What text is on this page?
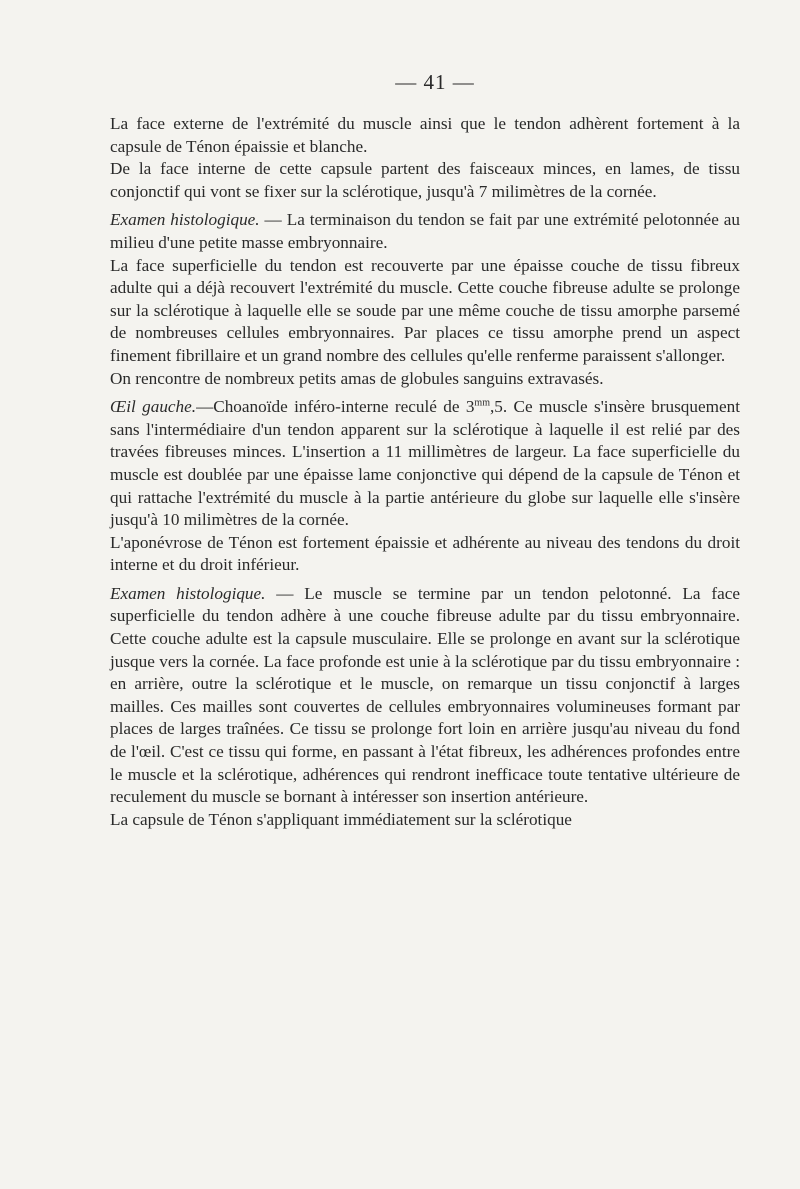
— 41 —

La face externe de l'extrémité du muscle ainsi que le tendon adhèrent fortement à la capsule de Ténon épaissie et blanche.

De la face interne de cette capsule partent des faisceaux minces, en lames, de tissu conjonctif qui vont se fixer sur la sclérotique, jusqu'à 7 milimètres de la cornée.

Examen histologique. — La terminaison du tendon se fait par une extrémité pelotonnée au milieu d'une petite masse embryonnaire.

La face superficielle du tendon est recouverte par une épaisse couche de tissu fibreux adulte qui a déjà recouvert l'extrémité du muscle. Cette couche fibreuse adulte se prolonge sur la sclérotique à laquelle elle se soude par une même couche de tissu amorphe parsemé de nombreuses cellules embryonnaires. Par places ce tissu amorphe prend un aspect finement fibrillaire et un grand nombre des cellules qu'elle renferme paraissent s'allonger.

On rencontre de nombreux petits amas de globules sanguins extravasés.

Œil gauche.—Choanoïde inféro-interne reculé de $3^{mm},5$. Ce muscle s'insère brusquement sans l'intermédiaire d'un tendon apparent sur la sclérotique à laquelle il est relié par des travées fibreuses minces. L'insertion a 11 millimètres de largeur. La face superficielle du muscle est doublée par une épaisse lame conjonctive qui dépend de la capsule de Ténon et qui rattache l'extrémité du muscle à la partie antérieure du globe sur laquelle elle s'insère jusqu'à 10 milimètres de la cornée.

L'aponévrose de Ténon est fortement épaissie et adhérente au niveau des tendons du droit interne et du droit inférieur.

Examen histologique. — Le muscle se termine par un tendon pelotonné. La face superficielle du tendon adhère à une couche fibreuse adulte par du tissu embryonnaire. Cette couche adulte est la capsule musculaire. Elle se prolonge en avant sur la sclérotique jusque vers la cornée. La face profonde est unie à la sclérotique par du tissu embryonnaire : en arrière, outre la sclérotique et le muscle, on remarque un tissu conjonctif à larges mailles. Ces mailles sont couvertes de cellules embryonnaires volumineuses formant par places de larges traînées. Ce tissu se prolonge fort loin en arrière jusqu'au niveau du fond de l'œil. C'est ce tissu qui forme, en passant à l'état fibreux, les adhérences profondes entre le muscle et la sclérotique, adhérences qui rendront inefficace toute tentative ultérieure de reculement du muscle se bornant à intéresser son insertion antérieure.

La capsule de Ténon s'appliquant immédiatement sur la sclérotique
